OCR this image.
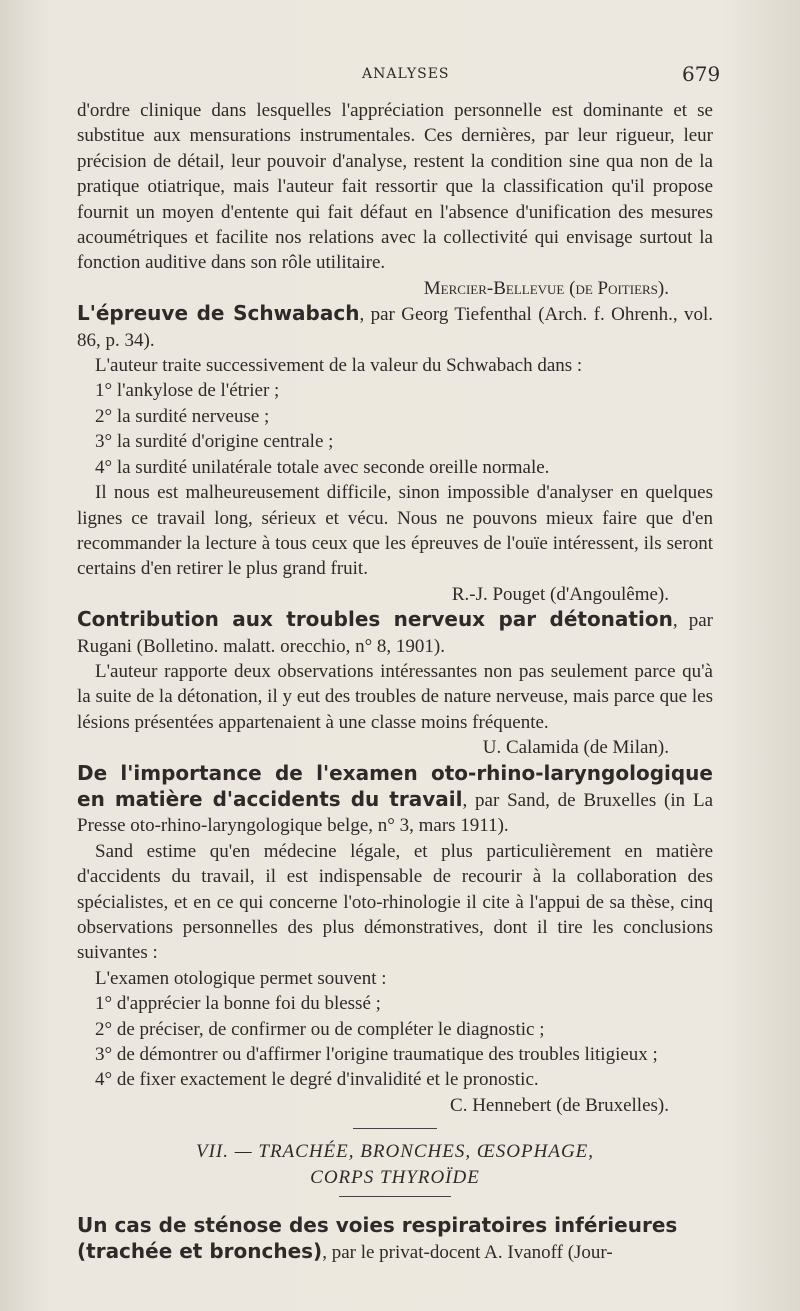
ANALYSES	679

d'ordre clinique dans lesquelles l'appréciation personnelle est dominante et se substitue aux mensurations instrumentales. Ces dernières, par leur rigueur, leur précision de détail, leur pouvoir d'analyse, restent la condition sine qua non de la pratique otiatrique, mais l'auteur fait ressortir que la classification qu'il propose fournit un moyen d'entente qui fait défaut en l'absence d'unification des mesures acoumétriques et facilite nos relations avec la collectivité qui envisage surtout la fonction auditive dans son rôle utilitaire.

Mercier-Bellevue (de Poitiers).

L'épreuve de Schwabach, par Georg Tiefenthal (Arch. f. Ohrenh., vol. 86, p. 34).

L'auteur traite successivement de la valeur du Schwabach dans :

1° l'ankylose de l'étrier ;

2° la surdité nerveuse ;

3° la surdité d'origine centrale ;

4° la surdité unilatérale totale avec seconde oreille normale.

Il nous est malheureusement difficile, sinon impossible d'analyser en quelques lignes ce travail long, sérieux et vécu. Nous ne pouvons mieux faire que d'en recommander la lecture à tous ceux que les épreuves de l'ouïe intéressent, ils seront certains d'en retirer le plus grand fruit.

R.-J. Pouget (d'Angoulême).

Contribution aux troubles nerveux par détonation, par Rugani (Bolletino. malatt. orecchio, n° 8, 1901).

L'auteur rapporte deux observations intéressantes non pas seulement parce qu'à la suite de la détonation, il y eut des troubles de nature nerveuse, mais parce que les lésions présentées appartenaient à une classe moins fréquente.

U. Calamida (de Milan).

De l'importance de l'examen oto-rhino-laryngologique en matière d'accidents du travail, par Sand, de Bruxelles (in La Presse oto-rhino-laryngologique belge, n° 3, mars 1911).

Sand estime qu'en médecine légale, et plus particulièrement en matière d'accidents du travail, il est indispensable de recourir à la collaboration des spécialistes, et en ce qui concerne l'oto-rhinologie il cite à l'appui de sa thèse, cinq observations personnelles des plus démonstratives, dont il tire les conclusions suivantes :

L'examen otologique permet souvent :

1° d'apprécier la bonne foi du blessé ;

2° de préciser, de confirmer ou de compléter le diagnostic ;

3° de démontrer ou d'affirmer l'origine traumatique des troubles litigieux ;

4° de fixer exactement le degré d'invalidité et le pronostic.

C. Hennebert (de Bruxelles).

VII. — TRACHÉE, BRONCHES, ŒSOPHAGE,

CORPS THYROÏDE

Un cas de sténose des voies respiratoires inférieures (trachée et bronches), par le privat-docent A. Ivanoff (Jour-
